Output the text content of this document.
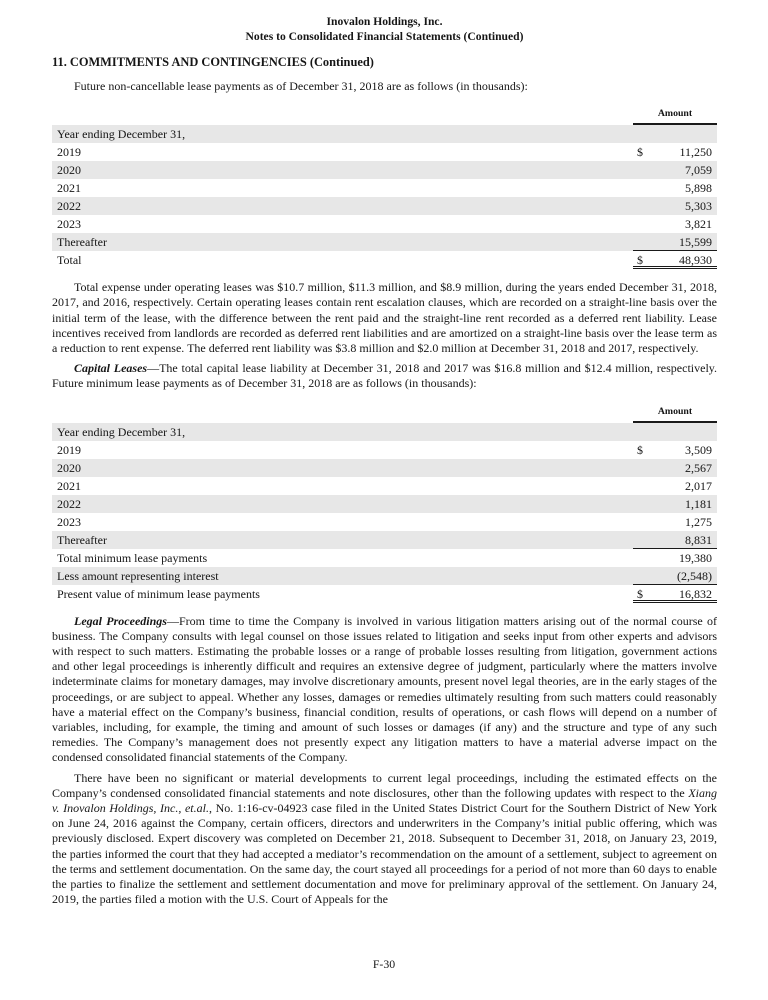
Inovalon Holdings, Inc.
Notes to Consolidated Financial Statements (Continued)
11. COMMITMENTS AND CONTINGENCIES (Continued)

Future non-cancellable lease payments as of December 31, 2018 are as follows (in thousands):

Amount
Year ending December 31,
2019	$	11,250
2020	7,059
2021	5,898
2022	5,303
2023	3,821
Thereafter	15,599
Total	$	48,930

Total expense under operating leases was $10.7 million, $11.3 million, and $8.9 million, during the years ended December 31, 2018, 2017, and 2016, respectively. Certain operating leases contain rent escalation clauses, which are recorded on a straight-line basis over the initial term of the lease, with the difference between the rent paid and the straight-line rent recorded as a deferred rent liability. Lease incentives received from landlords are recorded as deferred rent liabilities and are amortized on a straight-line basis over the lease term as a reduction to rent expense. The deferred rent liability was $3.8 million and $2.0 million at December 31, 2018 and 2017, respectively.

Capital Leases—The total capital lease liability at December 31, 2018 and 2017 was $16.8 million and $12.4 million, respectively. Future minimum lease payments as of December 31, 2018 are as follows (in thousands):

Amount
Year ending December 31,
2019	$	3,509
2020	2,567
2021	2,017
2022	1,181
2023	1,275
Thereafter	8,831
Total minimum lease payments	19,380
Less amount representing interest	(2,548)
Present value of minimum lease payments	$	16,832

Legal Proceedings—From time to time the Company is involved in various litigation matters arising out of the normal course of business. The Company consults with legal counsel on those issues related to litigation and seeks input from other experts and advisors with respect to such matters. Estimating the probable losses or a range of probable losses resulting from litigation, government actions and other legal proceedings is inherently difficult and requires an extensive degree of judgment, particularly where the matters involve indeterminate claims for monetary damages, may involve discretionary amounts, present novel legal theories, are in the early stages of the proceedings, or are subject to appeal. Whether any losses, damages or remedies ultimately resulting from such matters could reasonably have a material effect on the Company’s business, financial condition, results of operations, or cash flows will depend on a number of variables, including, for example, the timing and amount of such losses or damages (if any) and the structure and type of any such remedies. The Company’s management does not presently expect any litigation matters to have a material adverse impact on the condensed consolidated financial statements of the Company.

There have been no significant or material developments to current legal proceedings, including the estimated effects on the Company’s condensed consolidated financial statements and note disclosures, other than the following updates with respect to the Xiang v. Inovalon Holdings, Inc., et.al., No. 1:16-cv-04923 case filed in the United States District Court for the Southern District of New York on June 24, 2016 against the Company, certain officers, directors and underwriters in the Company’s initial public offering, which was previously disclosed. Expert discovery was completed on December 21, 2018. Subsequent to December 31, 2018, on January 23, 2019, the parties informed the court that they had accepted a mediator’s recommendation on the amount of a settlement, subject to agreement on the terms and settlement documentation. On the same day, the court stayed all proceedings for a period of not more than 60 days to enable the parties to finalize the settlement and settlement documentation and move for preliminary approval of the settlement. On January 24, 2019, the parties filed a motion with the U.S. Court of Appeals for the

F-30
